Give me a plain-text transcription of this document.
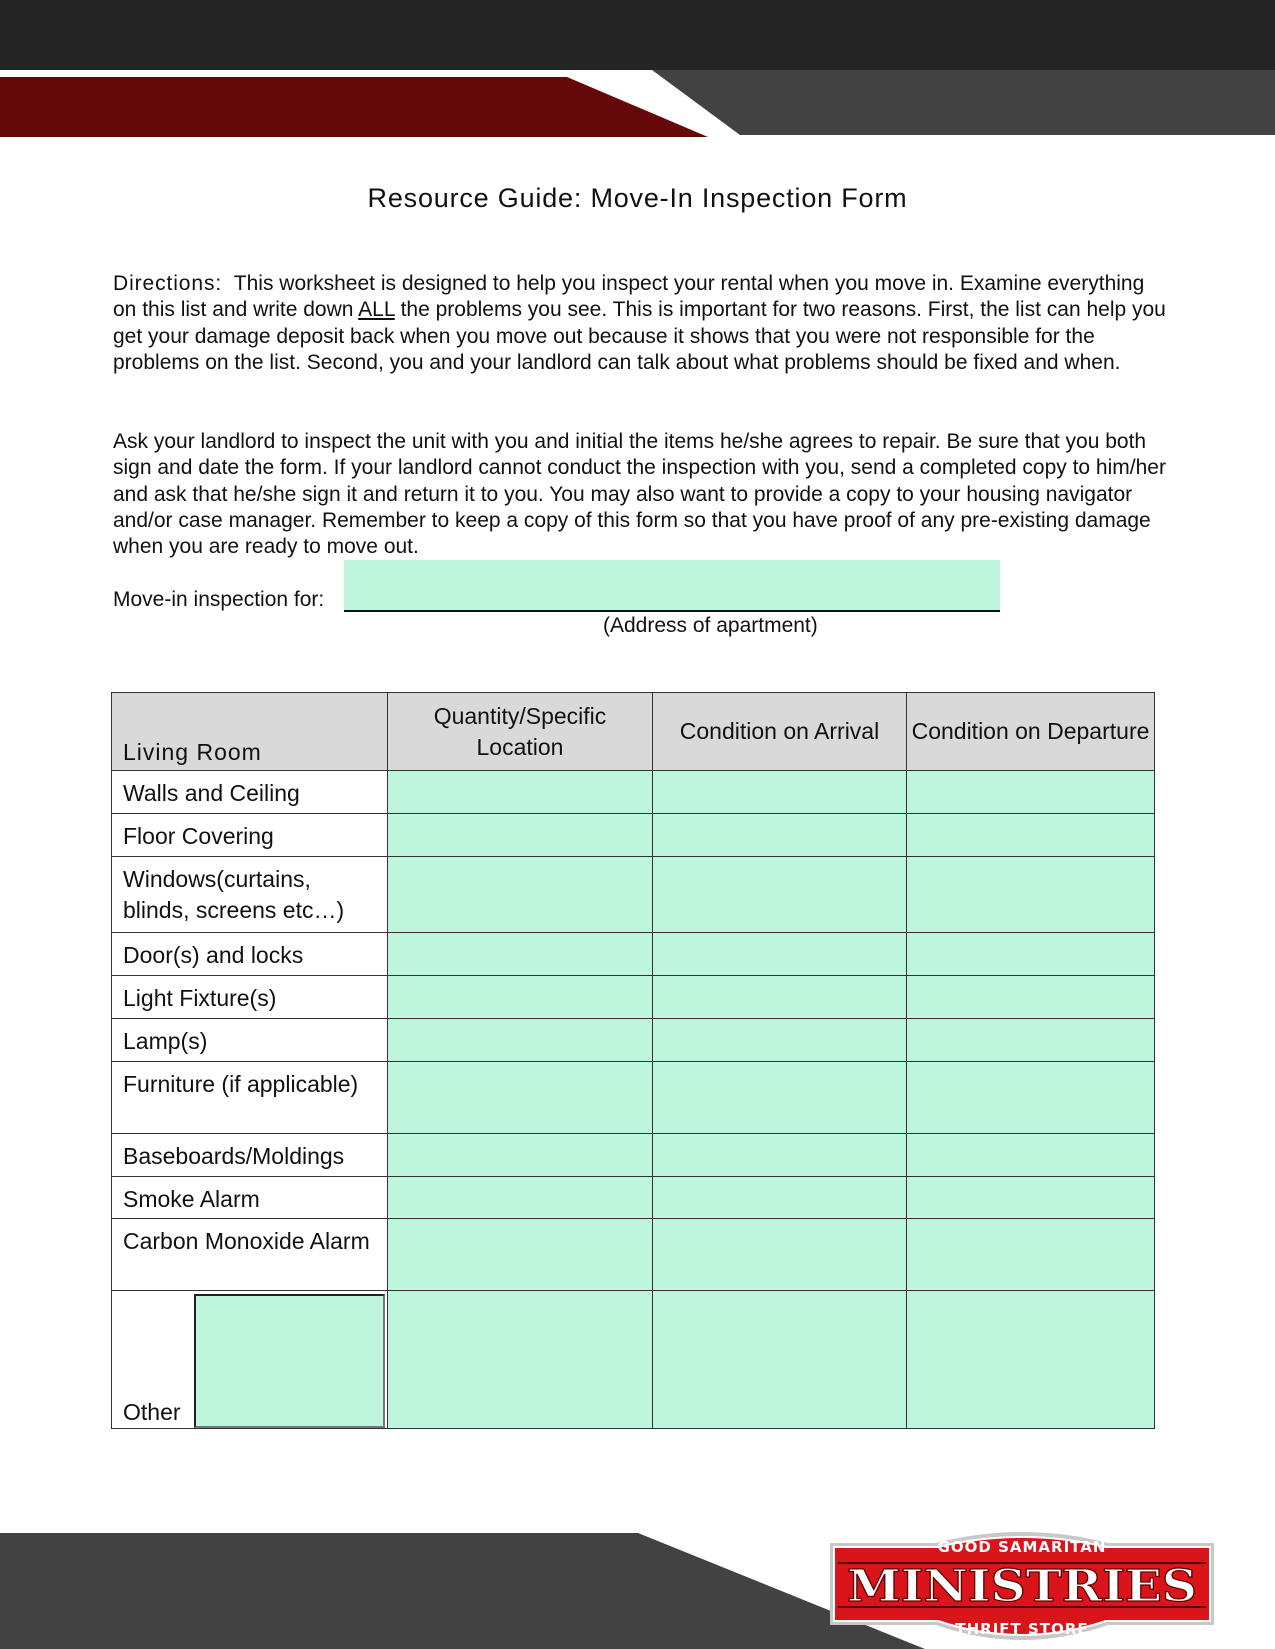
Resource Guide: Move-In Inspection Form
Directions: This worksheet is designed to help you inspect your rental when you move in. Examine everything on this list and write down ALL the problems you see. This is important for two reasons. First, the list can help you get your damage deposit back when you move out because it shows that you were not responsible for the problems on the list. Second, you and your landlord can talk about what problems should be fixed and when.
Ask your landlord to inspect the unit with you and initial the items he/she agrees to repair. Be sure that you both sign and date the form. If your landlord cannot conduct the inspection with you, send a completed copy to him/her and ask that he/she sign it and return it to you. You may also want to provide a copy to your housing navigator and/or case manager. Remember to keep a copy of this form so that you have proof of any pre-existing damage when you are ready to move out.
Move-in inspection for:
(Address of apartment)
Living Room	Quantity/Specific Location	Condition on Arrival	Condition on Departure

Walls and Ceiling

Floor Covering

Windows(curtains, blinds, screens etc…)

Door(s) and locks

Light Fixture(s)

Lamp(s)

Furniture (if applicable)

Baseboards/Moldings

Smoke Alarm

Carbon Monoxide Alarm

Other

GOOD SAMARITAN
MINISTRIES
THRIFT STORE
